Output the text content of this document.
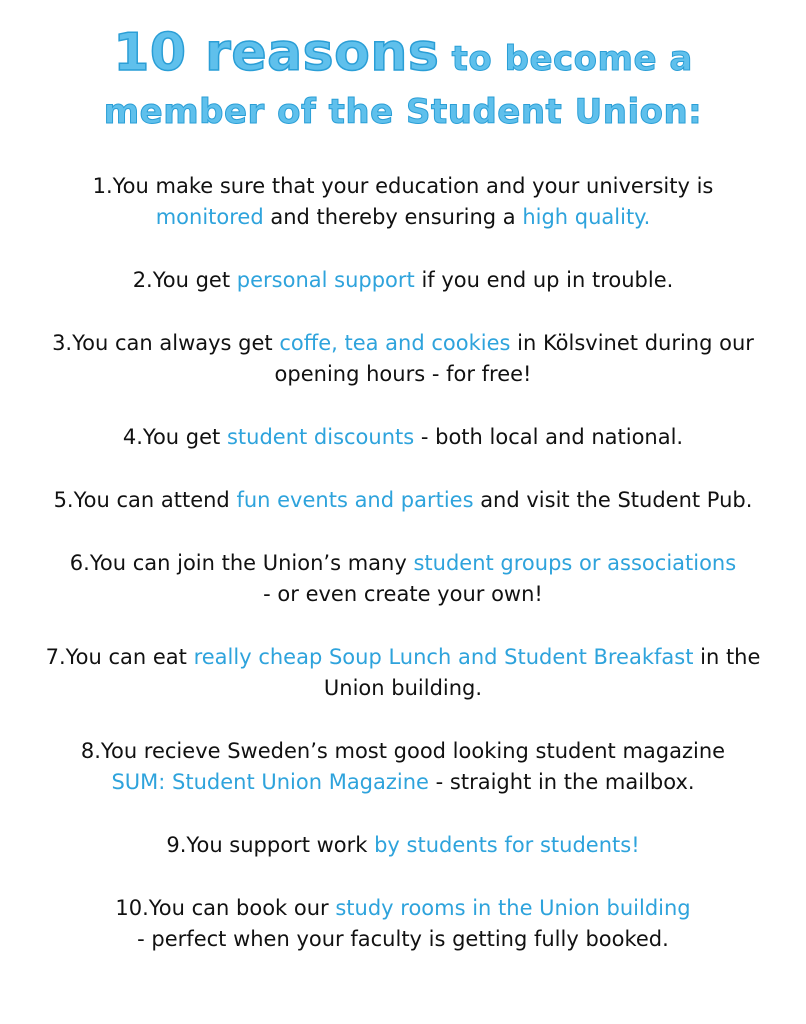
10 reasons to become a
member of the Student Union:
1.You make sure that your education and your university is
monitored and thereby ensuring a high quality.
2.You get personal support if you end up in trouble.
3.You can always get coffe, tea and cookies in Kölsvinet during our
opening hours - for free!
4.You get student discounts - both local and national.
5.You can attend fun events and parties and visit the Student Pub.
6.You can join the Union’s many student groups or associations
- or even create your own!
7.You can eat really cheap Soup Lunch and Student Breakfast in the
Union building.
8.You recieve Sweden’s most good looking student magazine
SUM: Student Union Magazine - straight in the mailbox.
9.You support work by students for students!
10.You can book our study rooms in the Union building
- perfect when your faculty is getting fully booked.
